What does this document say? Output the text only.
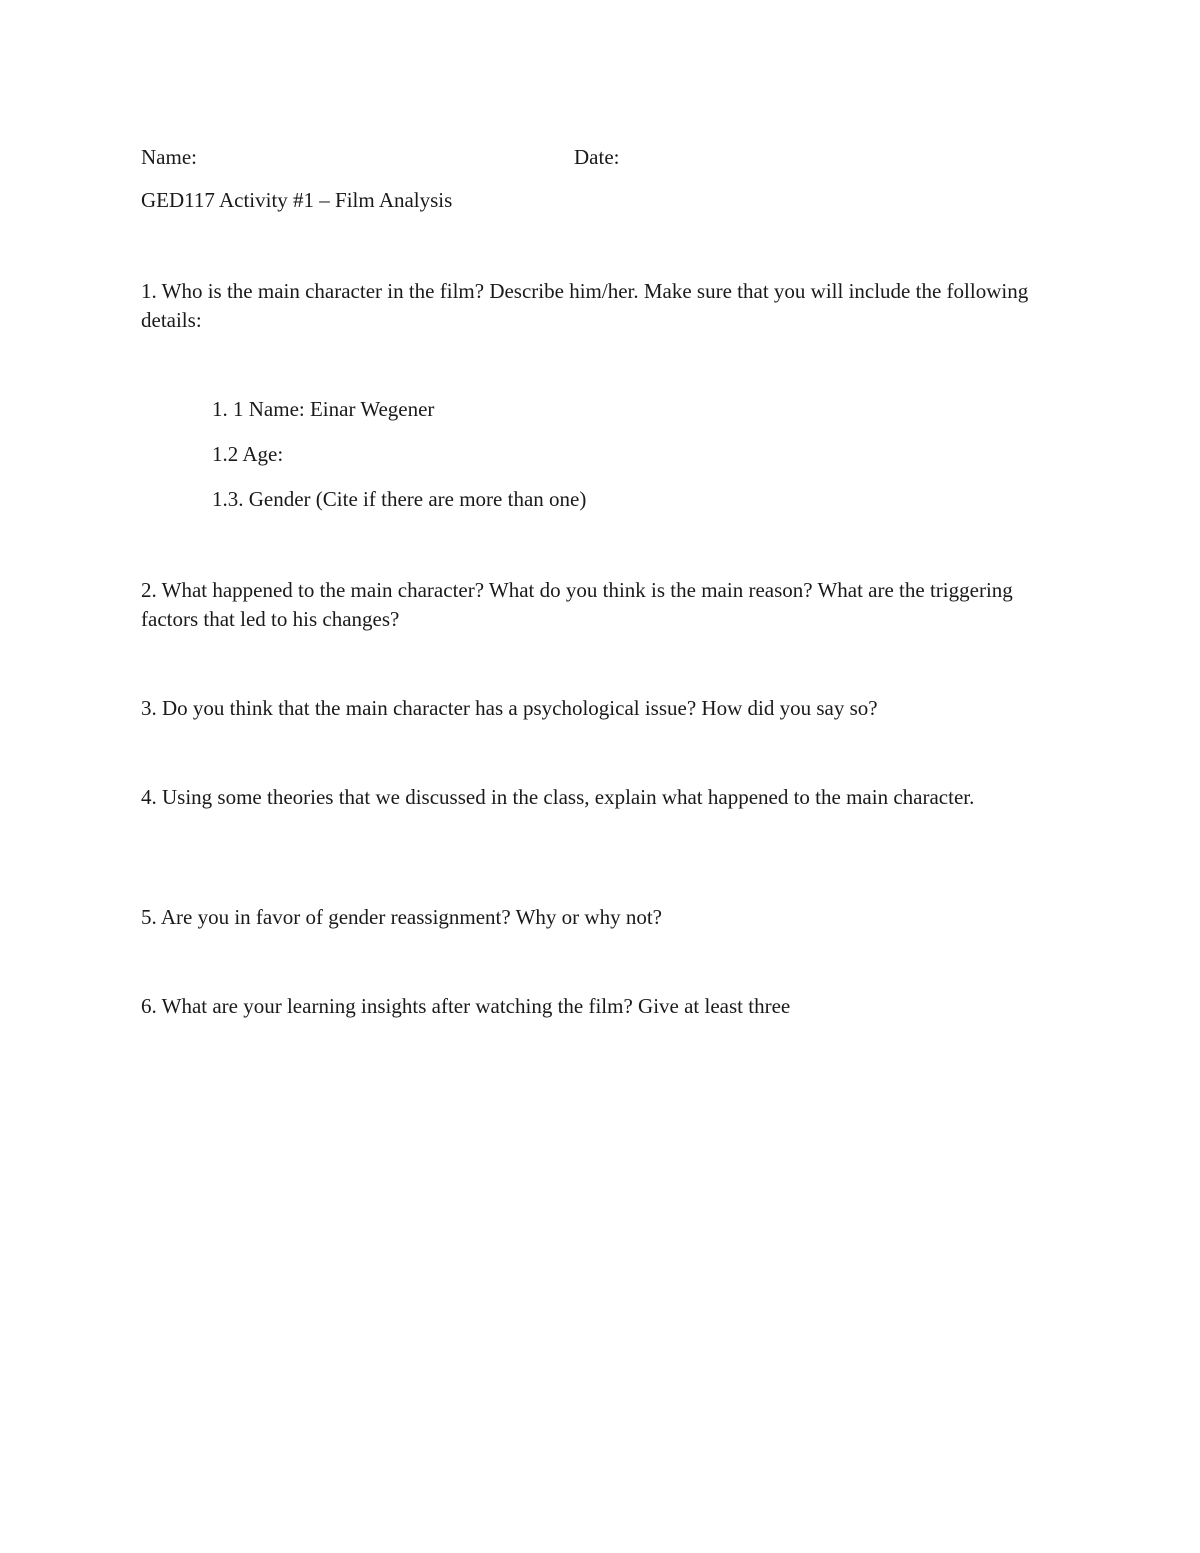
Name:	Date:
GED117 Activity #1 – Film Analysis
1. Who is the main character in the film? Describe him/her. Make sure that you will include the following details:
1. 1 Name: Einar Wegener
1.2 Age:
1.3. Gender (Cite if there are more than one)
2. What happened to the main character? What do you think is the main reason? What are the triggering factors that led to his changes?
3. Do you think that the main character has a psychological issue? How did you say so?
4. Using some theories that we discussed in the class, explain what happened to the main character.
5. Are you in favor of gender reassignment? Why or why not?
6. What are your learning insights after watching the film? Give at least three
